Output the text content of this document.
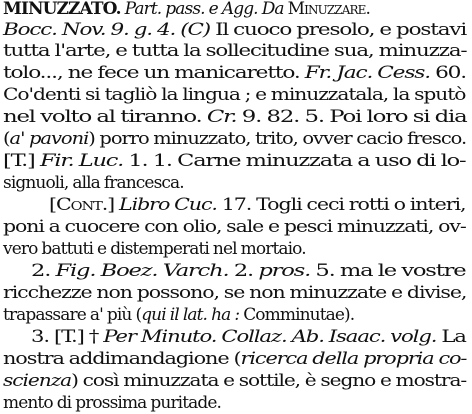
MINUZZATO. Part. pass. e Agg. Da Minuzzare.
Bocc. Nov. 9. g. 4. (C) Il cuoco presolo, e postavi
tutta l'arte, e tutta la sollecitudine sua, minuzza-
tolo..., ne fece un manicaretto. Fr. Jac. Cess. 60.
Co'denti si tagliò la lingua ; e minuzzatala, la sputò
nel volto al tiranno. Cr. 9. 82. 5. Poi loro si dia
(a' pavoni) porro minuzzato, trito, ovver cacio fresco.
[T.] Fir. Luc. 1. 1. Carne minuzzata a uso di lo-
signuoli, alla francesca.
[Cont.] Libro Cuc. 17. Togli ceci rotti o interi,
poni a cuocere con olio, sale e pesci minuzzati, ov-
vero battuti e distemperati nel mortaio.
2. Fig. Boez. Varch. 2. pros. 5. ma le vostre
ricchezze non possono, se non minuzzate e divise,
trapassare a' più (qui il lat. ha : Comminutae).
3. [T.] † Per Minuto. Collaz. Ab. Isaac. volg. La
nostra addimandagione (ricerca della propria co-
scienza) così minuzzata e sottile, è segno e mostra-
mento di prossima puritade.
